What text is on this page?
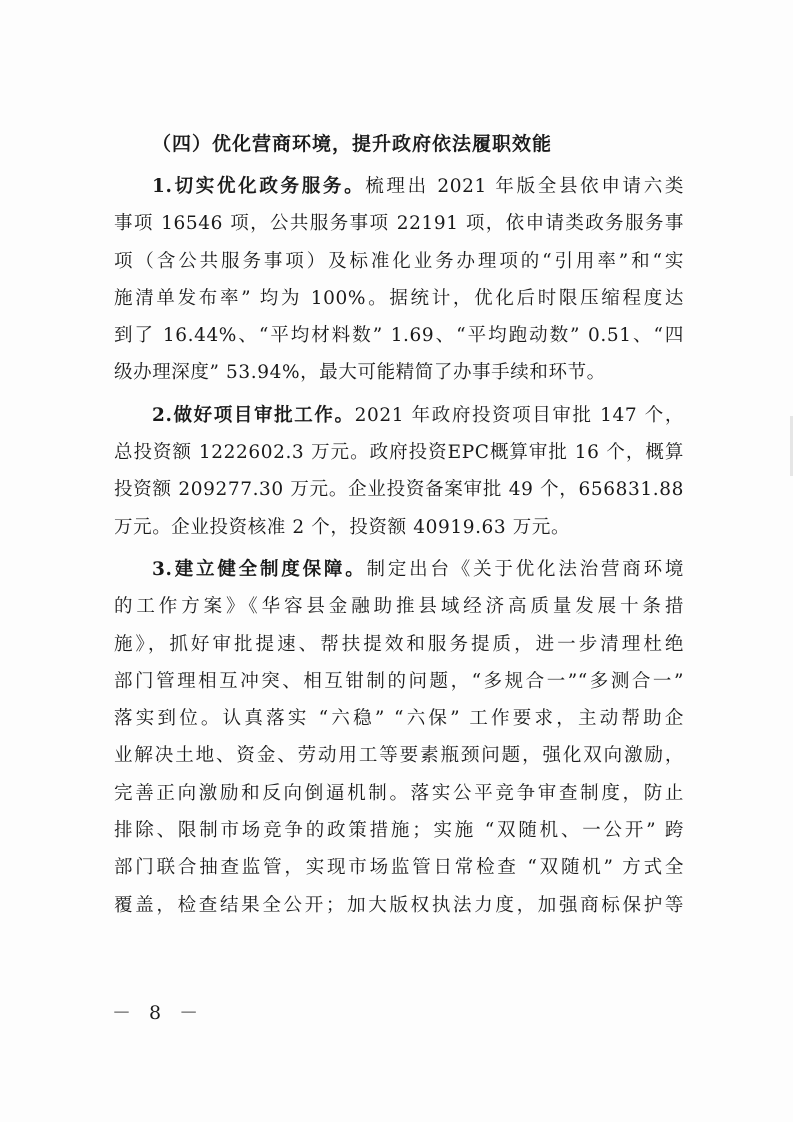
（四）优化营商环境，提升政府依法履职效能

1.切实优化政务服务。梳理出 2021 年版全县依申请六类
事项 16546 项，公共服务事项 22191 项，依申请类政务服务事
项（含公共服务事项）及标准化业务办理项的“引用率”和“实
施清单发布率” 均为 100%。据统计，优化后时限压缩程度达
到了 16.44%、“平均材料数” 1.69、“平均跑动数” 0.51、“四
级办理深度” 53.94%，最大可能精简了办事手续和环节。
2.做好项目审批工作。2021 年政府投资项目审批 147 个，
总投资额 1222602.3 万元。政府投资EPC概算审批 16 个，概算
投资额 209277.30 万元。企业投资备案审批 49 个，656831.88
万元。企业投资核准 2 个，投资额 40919.63 万元。
3.建立健全制度保障。制定出台《关于优化法治营商环境
的工作方案》《华容县金融助推县域经济高质量发展十条措
施》，抓好审批提速、帮扶提效和服务提质，进一步清理杜绝
部门管理相互冲突、相互钳制的问题，“多规合一”“多测合一”
落实到位。认真落实 “六稳” “六保” 工作要求，主动帮助企
业解决土地、资金、劳动用工等要素瓶颈问题，强化双向激励，
完善正向激励和反向倒逼机制。落实公平竞争审查制度，防止
排除、限制市场竞争的政策措施；实施 “双随机、一公开” 跨
部门联合抽查监管，实现市场监管日常检查 “双随机” 方式全
覆盖，检查结果全公开；加大版权执法力度，加强商标保护等
－ 8 －
